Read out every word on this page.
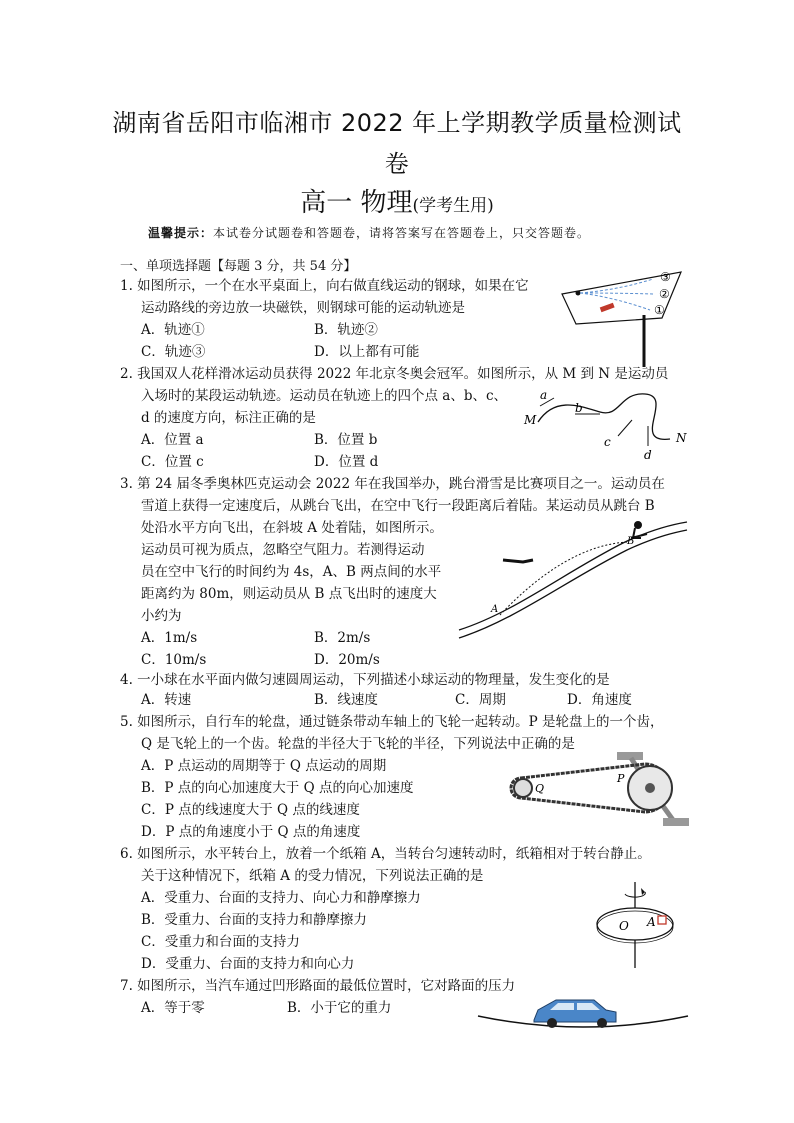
湖南省岳阳市临湘市 2022 年上学期教学质量检测试
卷
高一 物理(学考生用)
温馨提示：本试卷分试题卷和答题卷，请将答案写在答题卷上，只交答题卷。
一、单项选择题【每题 3 分，共 54 分】
1. 如图所示，一个在水平桌面上，向右做直线运动的钢球，如果在它
运动路线的旁边放一块磁铁，则钢球可能的运动轨迹是
A．轨迹①	B．轨迹②
C．轨迹③	D．以上都有可能
③
②
①
2. 我国双人花样滑冰运动员获得 2022 年北京冬奥会冠军。如图所示，从 M 到 N 是运动员
入场时的某段运动轨迹。运动员在轨迹上的四个点 a、b、c、
d 的速度方向，标注正确的是
A．位置 a	B．位置 b
C．位置 c	D．位置 d
a
b
c
d
M
N
3. 第 24 届冬季奥林匹克运动会 2022 年在我国举办，跳台滑雪是比赛项目之一。运动员在
雪道上获得一定速度后，从跳台飞出，在空中飞行一段距离后着陆。某运动员从跳台 B
处沿水平方向飞出，在斜坡 A 处着陆，如图所示。
运动员可视为质点，忽略空气阻力。若测得运动
员在空中飞行的时间约为 4s，A、B 两点间的水平
距离约为 80m，则运动员从 B 点飞出时的速度大
小约为
A．1m/s	B．2m/s
C．10m/s	D．20m/s
B
A
4. 一小球在水平面内做匀速圆周运动，下列描述小球运动的物理量，发生变化的是
A．转速	B．线速度	C．周期	D．角速度
5. 如图所示，自行车的轮盘，通过链条带动车轴上的飞轮一起转动。P 是轮盘上的一个齿，
Q 是飞轮上的一个齿。轮盘的半径大于飞轮的半径，下列说法中正确的是
A．P 点运动的周期等于 Q 点运动的周期
B．P 点的向心加速度大于 Q 点的向心加速度
C．P 点的线速度大于 Q 点的线速度
D．P 点的角速度小于 Q 点的角速度
Q
P
6. 如图所示，水平转台上，放着一个纸箱 A，当转台匀速转动时，纸箱相对于转台静止。
关于这种情况下，纸箱 A 的受力情况，下列说法正确的是
A．受重力、台面的支持力、向心力和静摩擦力
B．受重力、台面的支持力和静摩擦力
C．受重力和台面的支持力
D．受重力、台面的支持力和向心力
O A
7. 如图所示，当汽车通过凹形路面的最低位置时，它对路面的压力
A．等于零	B．小于它的重力
